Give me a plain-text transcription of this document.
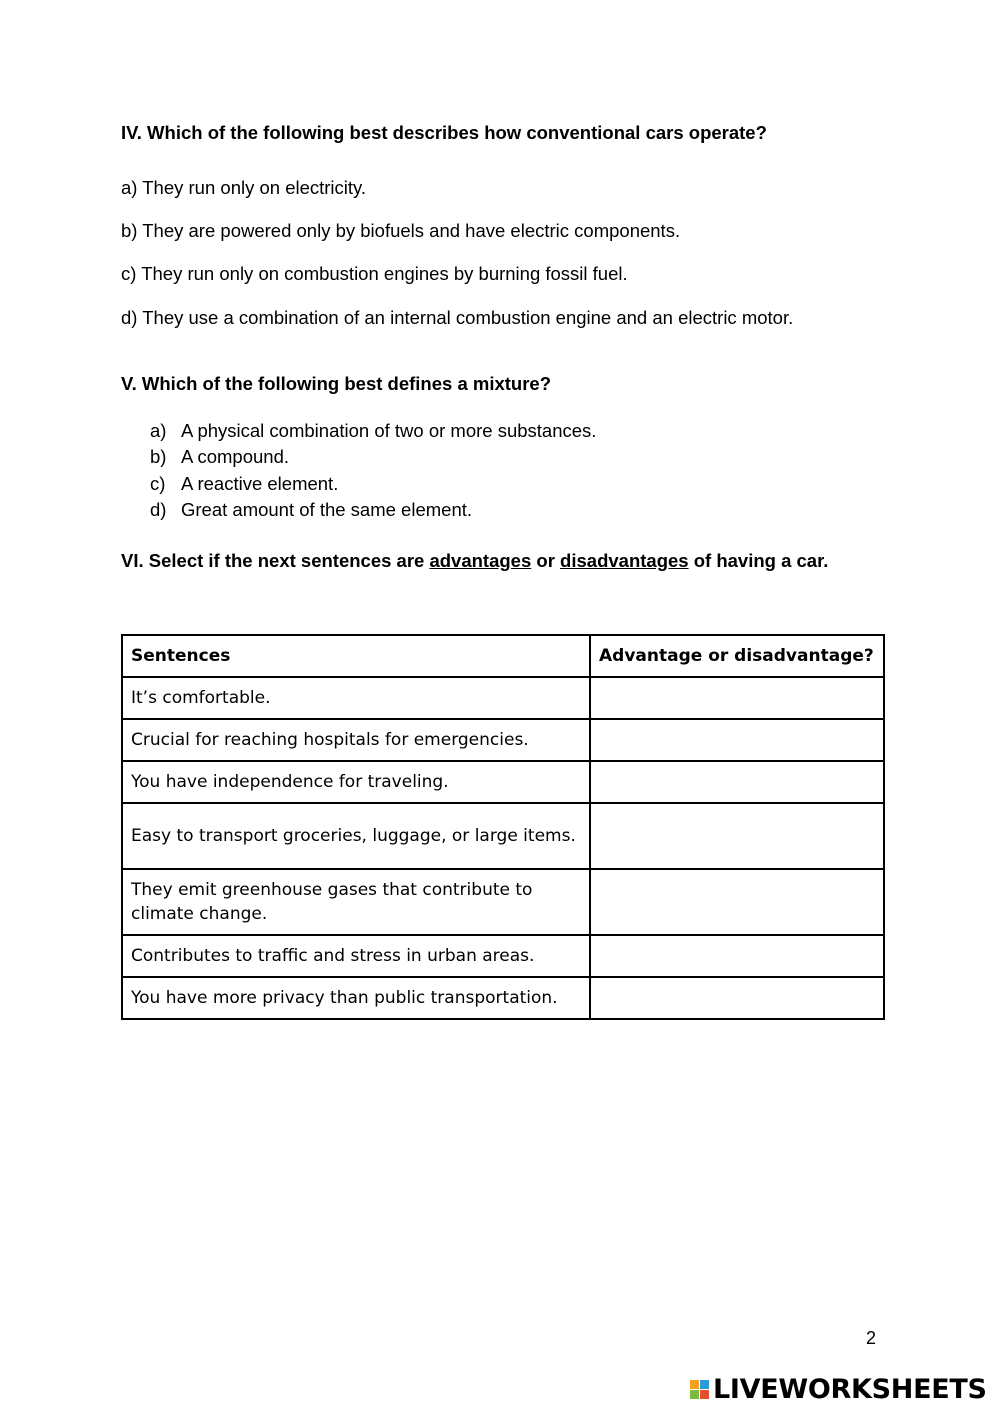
IV. Which of the following best describes how conventional cars operate?

a) They run only on electricity.

b) They are powered only by biofuels and have electric components.

c) They run only on combustion engines by burning fossil fuel.

d) They use a combination of an internal combustion engine and an electric motor.

V. Which of the following best defines a mixture?

a) A physical combination of two or more substances.

b) A compound.

c) A reactive element.

d) Great amount of the same element.

VI. Select if the next sentences are advantages or disadvantages of having a car.

Sentences	Advantage or disadvantage?
It’s comfortable.	
Crucial for reaching hospitals for emergencies.	
You have independence for traveling.	
Easy to transport groceries, luggage, or large items.	
They emit greenhouse gases that contribute to climate change.	
Contributes to traffic and stress in urban areas.	
You have more privacy than public transportation.	
2
LIVEWORKSHEETS
